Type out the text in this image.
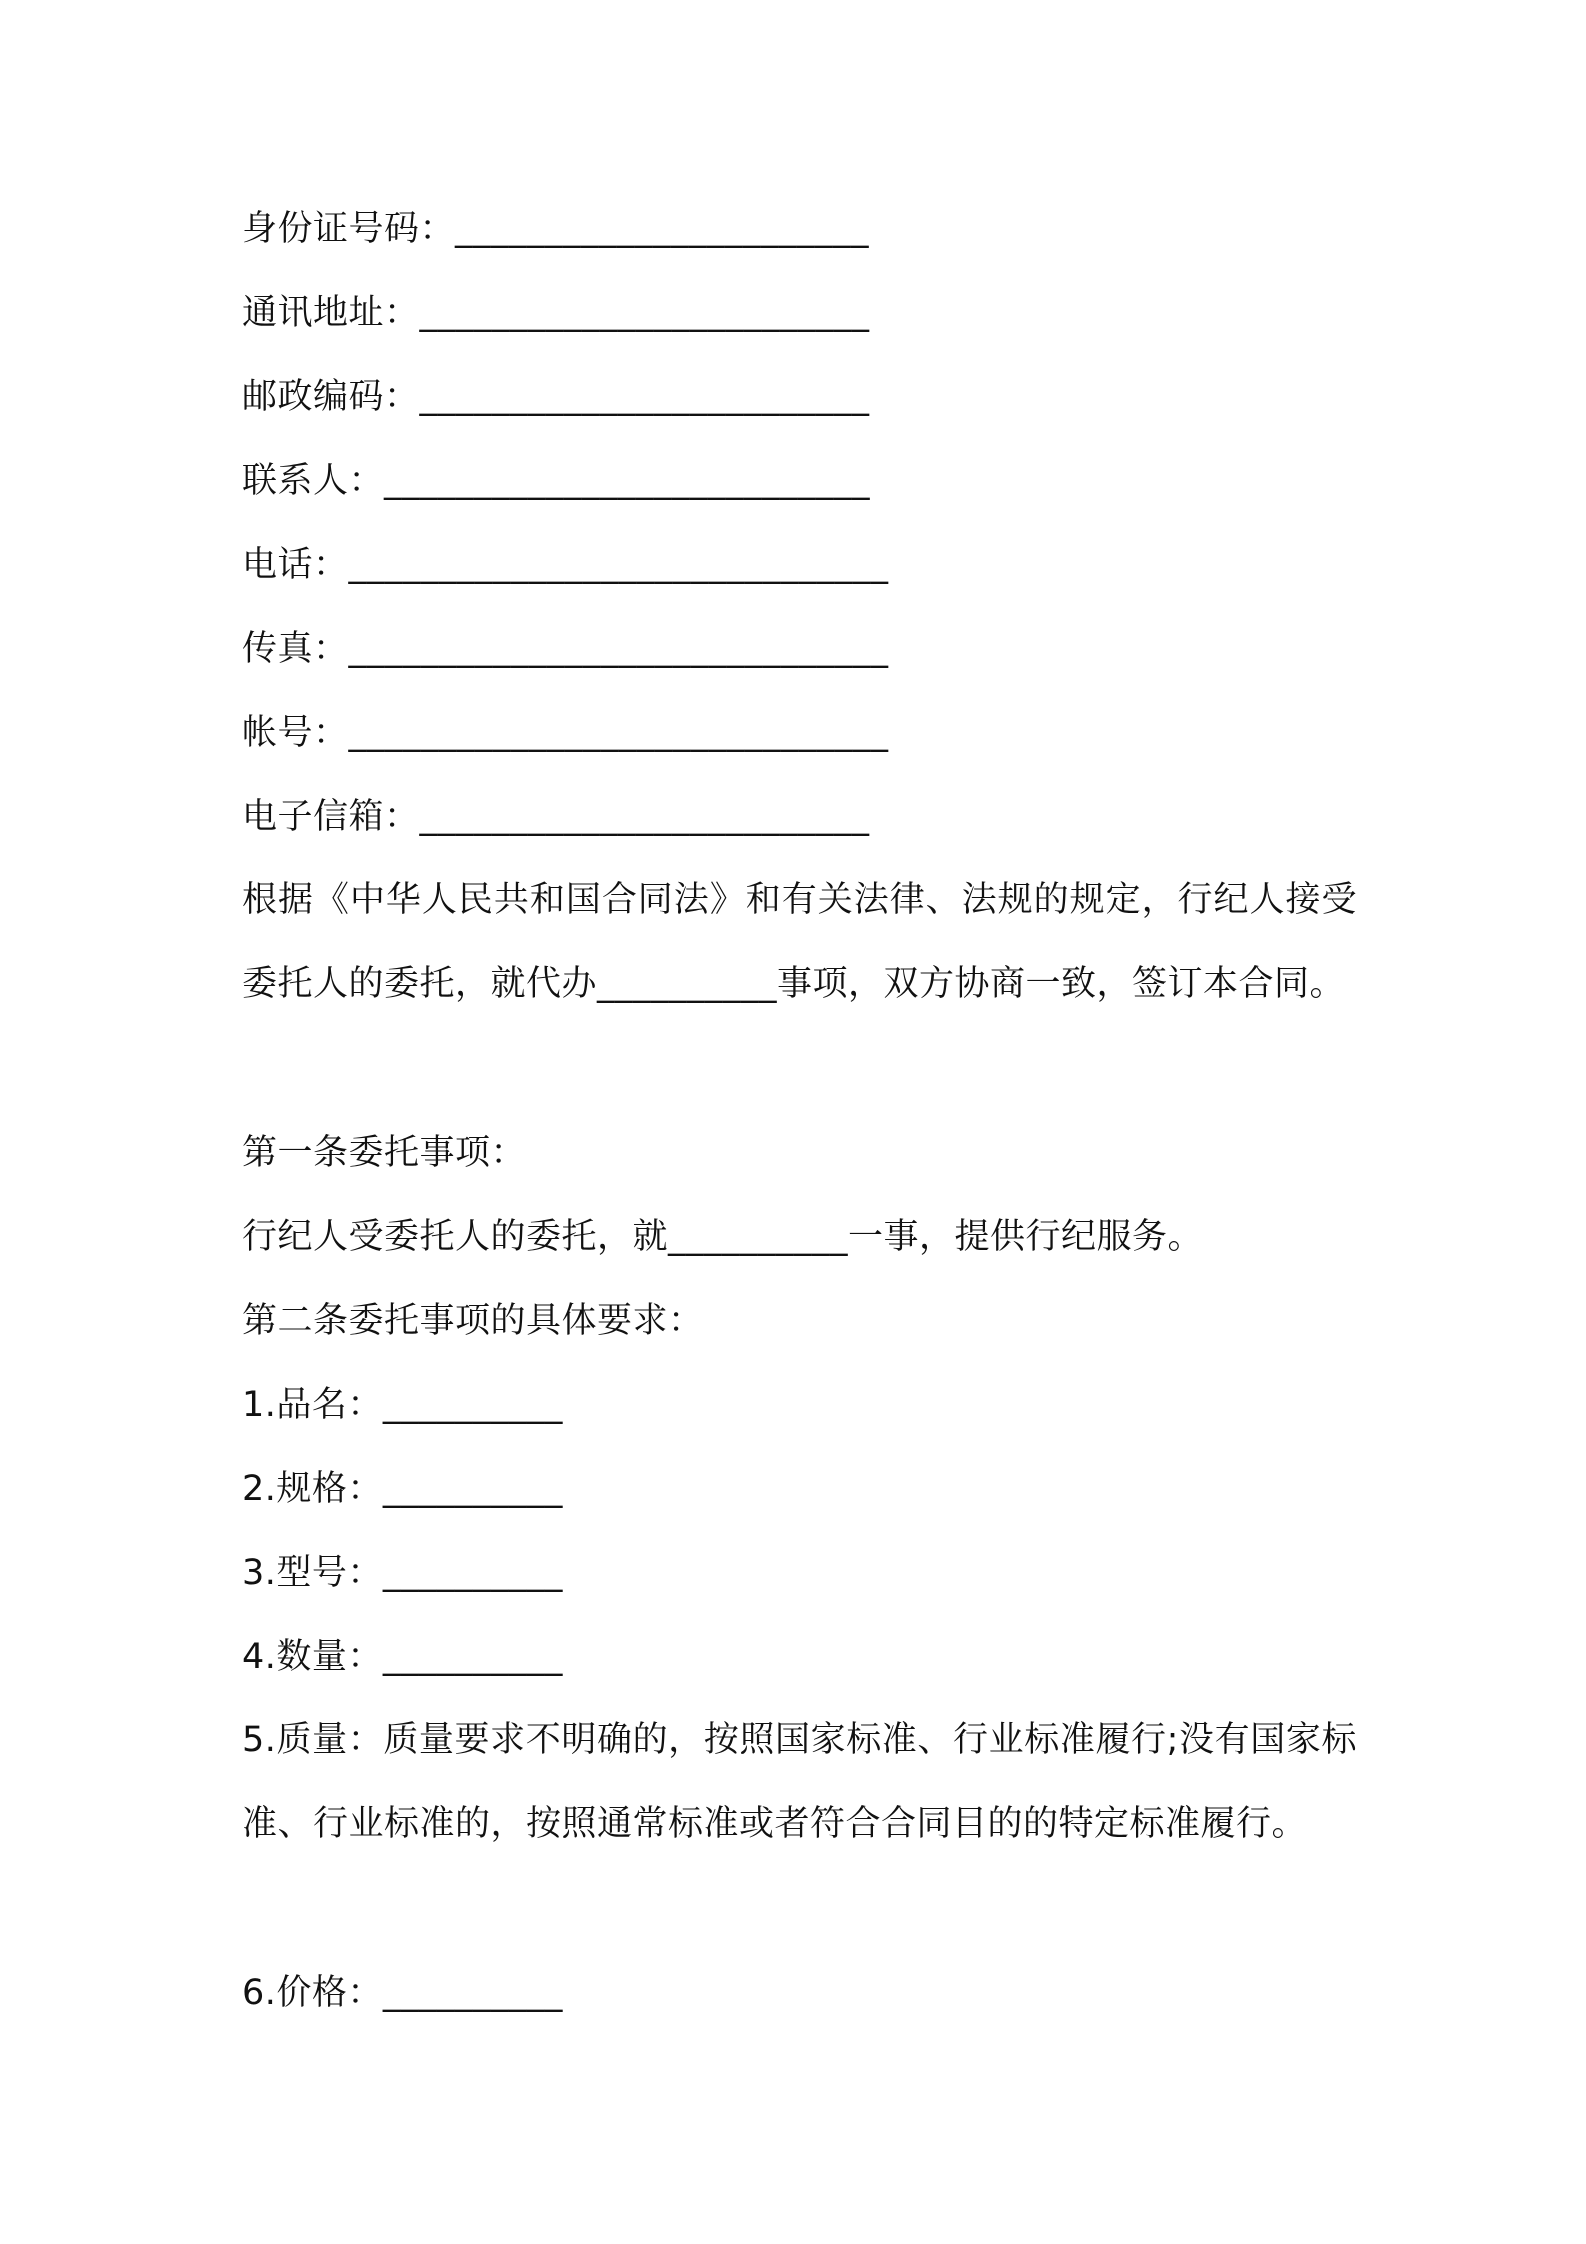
身份证号码：_______________________
通讯地址：_________________________
邮政编码：_________________________
联系人：___________________________
电话：______________________________
传真：______________________________
帐号：______________________________
电子信箱：_________________________
根据《中华人民共和国合同法》和有关法律、法规的规定，行纪人接受委托人的委托，就代办__________事项，双方协商一致，签订本合同。
第一条委托事项：
行纪人受委托人的委托，就__________一事，提供行纪服务。
第二条委托事项的具体要求：
1.品名：__________
2.规格：__________
3.型号：__________
4.数量：__________
5.质量：质量要求不明确的，按照国家标准、行业标准履行;没有国家标准、行业标准的，按照通常标准或者符合合同目的的特定标准履行。
6.价格：__________
